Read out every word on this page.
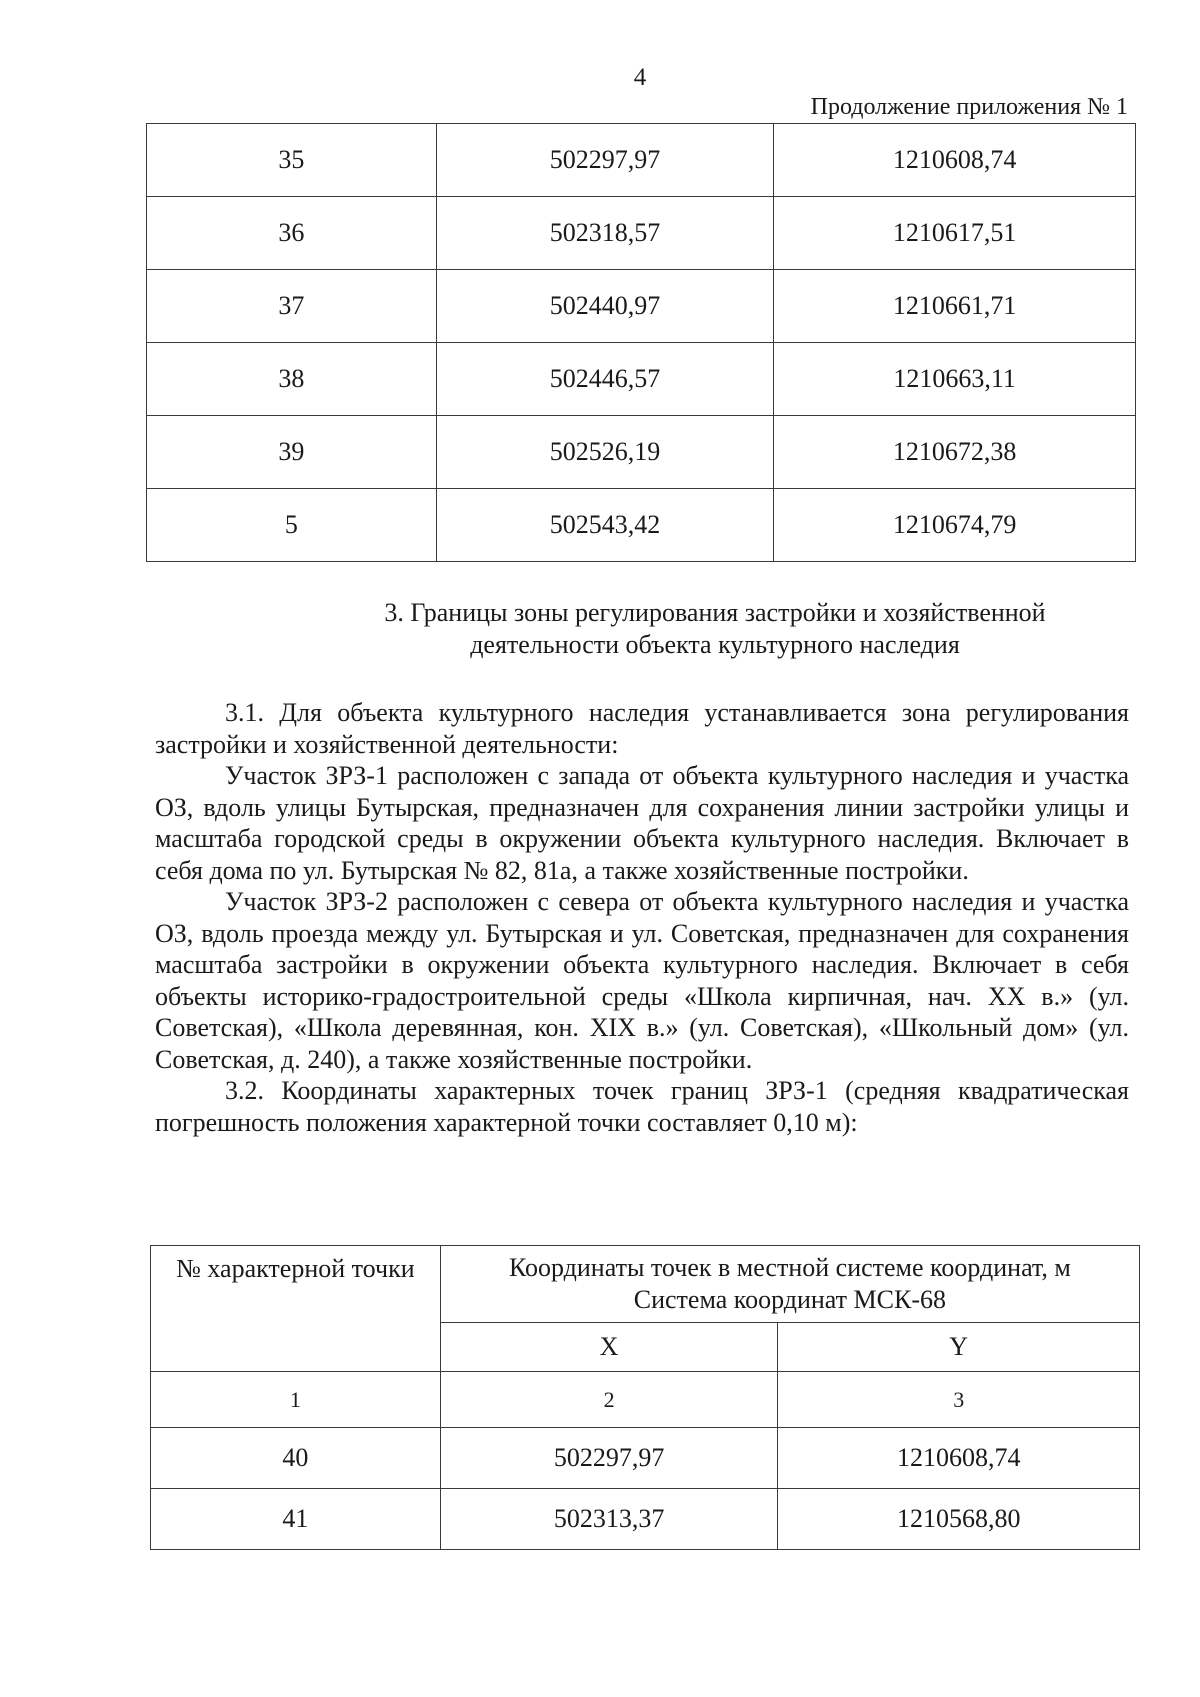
4
Продолжение приложения № 1
35	502297,97	1210608,74
36	502318,57	1210617,51
37	502440,97	1210661,71
38	502446,57	1210663,11
39	502526,19	1210672,38
5	502543,42	1210674,79
3. Границы зоны регулирования застройки и хозяйственной
деятельности объекта культурного наследия

3.1. Для объекта культурного наследия устанавливается зона регулирования застройки и хозяйственной деятельности:

Участок ЗРЗ-1 расположен с запада от объекта культурного наследия и участка ОЗ, вдоль улицы Бутырская, предназначен для сохранения линии застройки улицы и масштаба городской среды в окружении объекта культурного наследия. Включает в себя дома по ул. Бутырская № 82, 81а, а также хозяйственные постройки.

Участок ЗРЗ-2 расположен с севера от объекта культурного наследия и участка ОЗ, вдоль проезда между ул. Бутырская и ул. Советская, предназначен для сохранения масштаба застройки в окружении объекта культурного наследия. Включает в себя объекты историко-градостроительной среды «Школа кирпичная, нач. XX в.» (ул. Советская), «Школа деревянная, кон. XIX в.» (ул. Советская), «Школьный дом» (ул. Советская, д. 240), а также хозяйственные постройки.

3.2. Координаты характерных точек границ ЗРЗ-1 (средняя квадратическая погрешность положения характерной точки составляет 0,10 м):

№ характерной точки	Координаты точек в местной системе координат, м
Система координат МСК-68	

	X	Y
1	2	3
40	502297,97	1210608,74
41	502313,37	1210568,80
